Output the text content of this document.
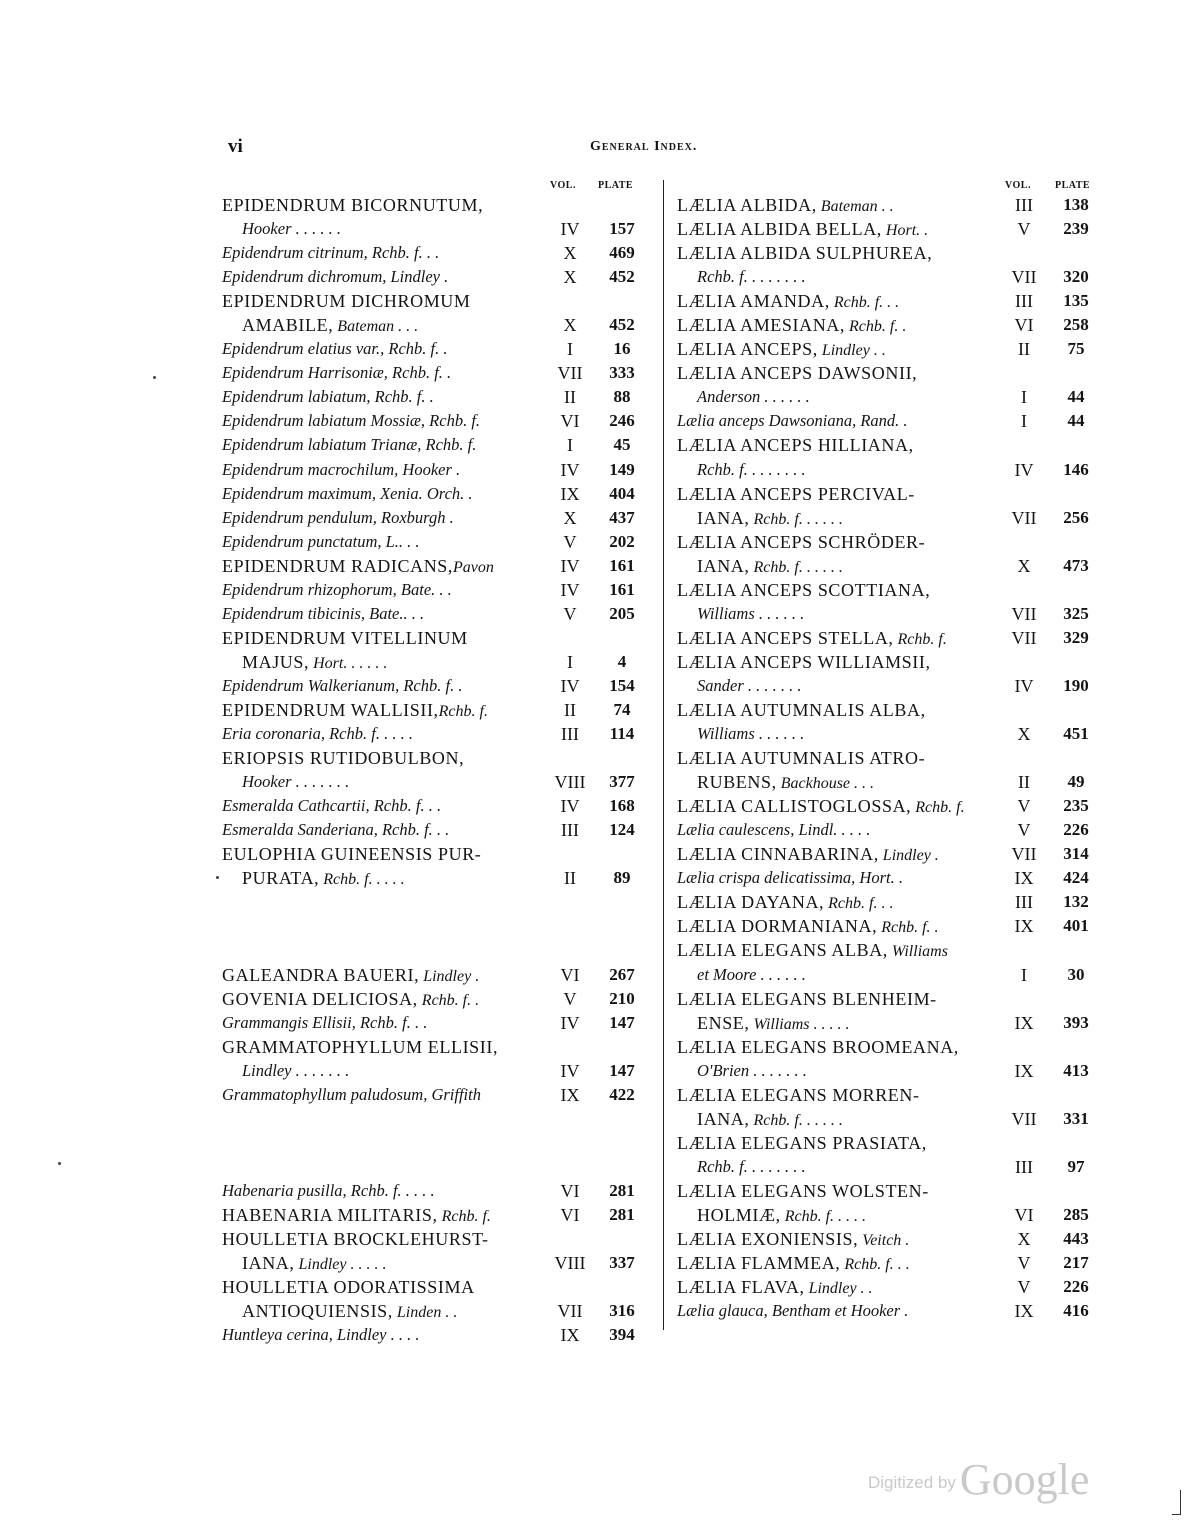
vi	General Index.
VOL. PLATE
EPIDENDRUM BICORNUTUM,
Hooker . . . . . .	IV	157
Epidendrum citrinum, Rchb. f. . .	X	469
Epidendrum dichromum, Lindley .	X	452
EPIDENDRUM DICHROMUM
AMABILE, Bateman . . .	X	452
Epidendrum elatius var., Rchb. f. .	I	16
Epidendrum Harrisoniæ, Rchb. f. .	VII	333
Epidendrum labiatum, Rchb. f. .	II	88
Epidendrum labiatum Mossiæ, Rchb. f.	VI	246
Epidendrum labiatum Trianæ, Rchb. f.	I	45
Epidendrum macrochilum, Hooker .	IV	149
Epidendrum maximum, Xenia. Orch. .	IX	404
Epidendrum pendulum, Roxburgh .	X	437
Epidendrum punctatum, L.. . .	V	202
EPIDENDRUM RADICANS,Pavon	IV	161
Epidendrum rhizophorum, Bate. . .	IV	161
Epidendrum tibicinis, Bate.. . .	V	205
EPIDENDRUM VITELLINUM
MAJUS, Hort. . . . . .	I	4
Epidendrum Walkerianum, Rchb. f. .	IV	154
EPIDENDRUM WALLISII,Rchb. f.	II	74
Eria coronaria, Rchb. f. . . . .	III	114
ERIOPSIS RUTIDOBULBON,
Hooker . . . . . . .	VIII	377
Esmeralda Cathcartii, Rchb. f. . .	IV	168
Esmeralda Sanderiana, Rchb. f. . .	III	124
EULOPHIA GUINEENSIS PUR-
PURATA, Rchb. f. . . . .	II	89
GALEANDRA BAUERI, Lindley .	VI	267
GOVENIA DELICIOSA, Rchb. f. .	V	210
Grammangis Ellisii, Rchb. f. . .	IV	147
GRAMMATOPHYLLUM ELLISII,
Lindley . . . . . . .	IV	147
Grammatophyllum paludosum, Griffith	IX	422
Habenaria pusilla, Rchb. f. . . . .	VI	281
HABENARIA MILITARIS, Rchb. f.	VI	281
HOULLETIA BROCKLEHURST-
IANA, Lindley . . . . .	VIII	337
HOULLETIA ODORATISSIMA
ANTIOQUIENSIS, Linden . .	VII	316
Huntleya cerina, Lindley . . . .	IX	394
VOL. PLATE
LÆLIA ALBIDA, Bateman . .	III	138
LÆLIA ALBIDA BELLA, Hort. .	V	239
LÆLIA ALBIDA SULPHUREA,
Rchb. f. . . . . . . .	VII	320
LÆLIA AMANDA, Rchb. f. . .	III	135
LÆLIA AMESIANA, Rchb. f. .	VI	258
LÆLIA ANCEPS, Lindley . .	II	75
LÆLIA ANCEPS DAWSONII,
Anderson . . . . . .	I	44
Lælia anceps Dawsoniana, Rand. .	I	44
LÆLIA ANCEPS HILLIANA,
Rchb. f. . . . . . . .	IV	146
LÆLIA ANCEPS PERCIVAL-
IANA, Rchb. f. . . . . .	VII	256
LÆLIA ANCEPS SCHRÖDER-
IANA, Rchb. f. . . . . .	X	473
LÆLIA ANCEPS SCOTTIANA,
Williams . . . . . .	VII	325
LÆLIA ANCEPS STELLA, Rchb. f.	VII	329
LÆLIA ANCEPS WILLIAMSII,
Sander . . . . . . .	IV	190
LÆLIA AUTUMNALIS ALBA,
Williams . . . . . .	X	451
LÆLIA AUTUMNALIS ATRO-
RUBENS, Backhouse . . .	II	49
LÆLIA CALLISTOGLOSSA, Rchb. f.	V	235
Lælia caulescens, Lindl. . . . .	V	226
LÆLIA CINNABARINA, Lindley .	VII	314
Lælia crispa delicatissima, Hort. .	IX	424
LÆLIA DAYANA, Rchb. f. . .	III	132
LÆLIA DORMANIANA, Rchb. f. .	IX	401
LÆLIA ELEGANS ALBA, Williams
et Moore . . . . . .	I	30
LÆLIA ELEGANS BLENHEIM-
ENSE, Williams . . . . .	IX	393
LÆLIA ELEGANS BROOMEANA,
O'Brien . . . . . . .	IX	413
LÆLIA ELEGANS MORREN-
IANA, Rchb. f. . . . . .	VII	331
LÆLIA ELEGANS PRASIATA,
Rchb. f. . . . . . . .	III	97
LÆLIA ELEGANS WOLSTEN-
HOLMIÆ, Rchb. f. . . . .	VI	285
LÆLIA EXONIENSIS, Veitch .	X	443
LÆLIA FLAMMEA, Rchb. f. . .	V	217
LÆLIA FLAVA, Lindley . .	V	226
Lælia glauca, Bentham et Hooker .	IX	416
Digitized by Google
